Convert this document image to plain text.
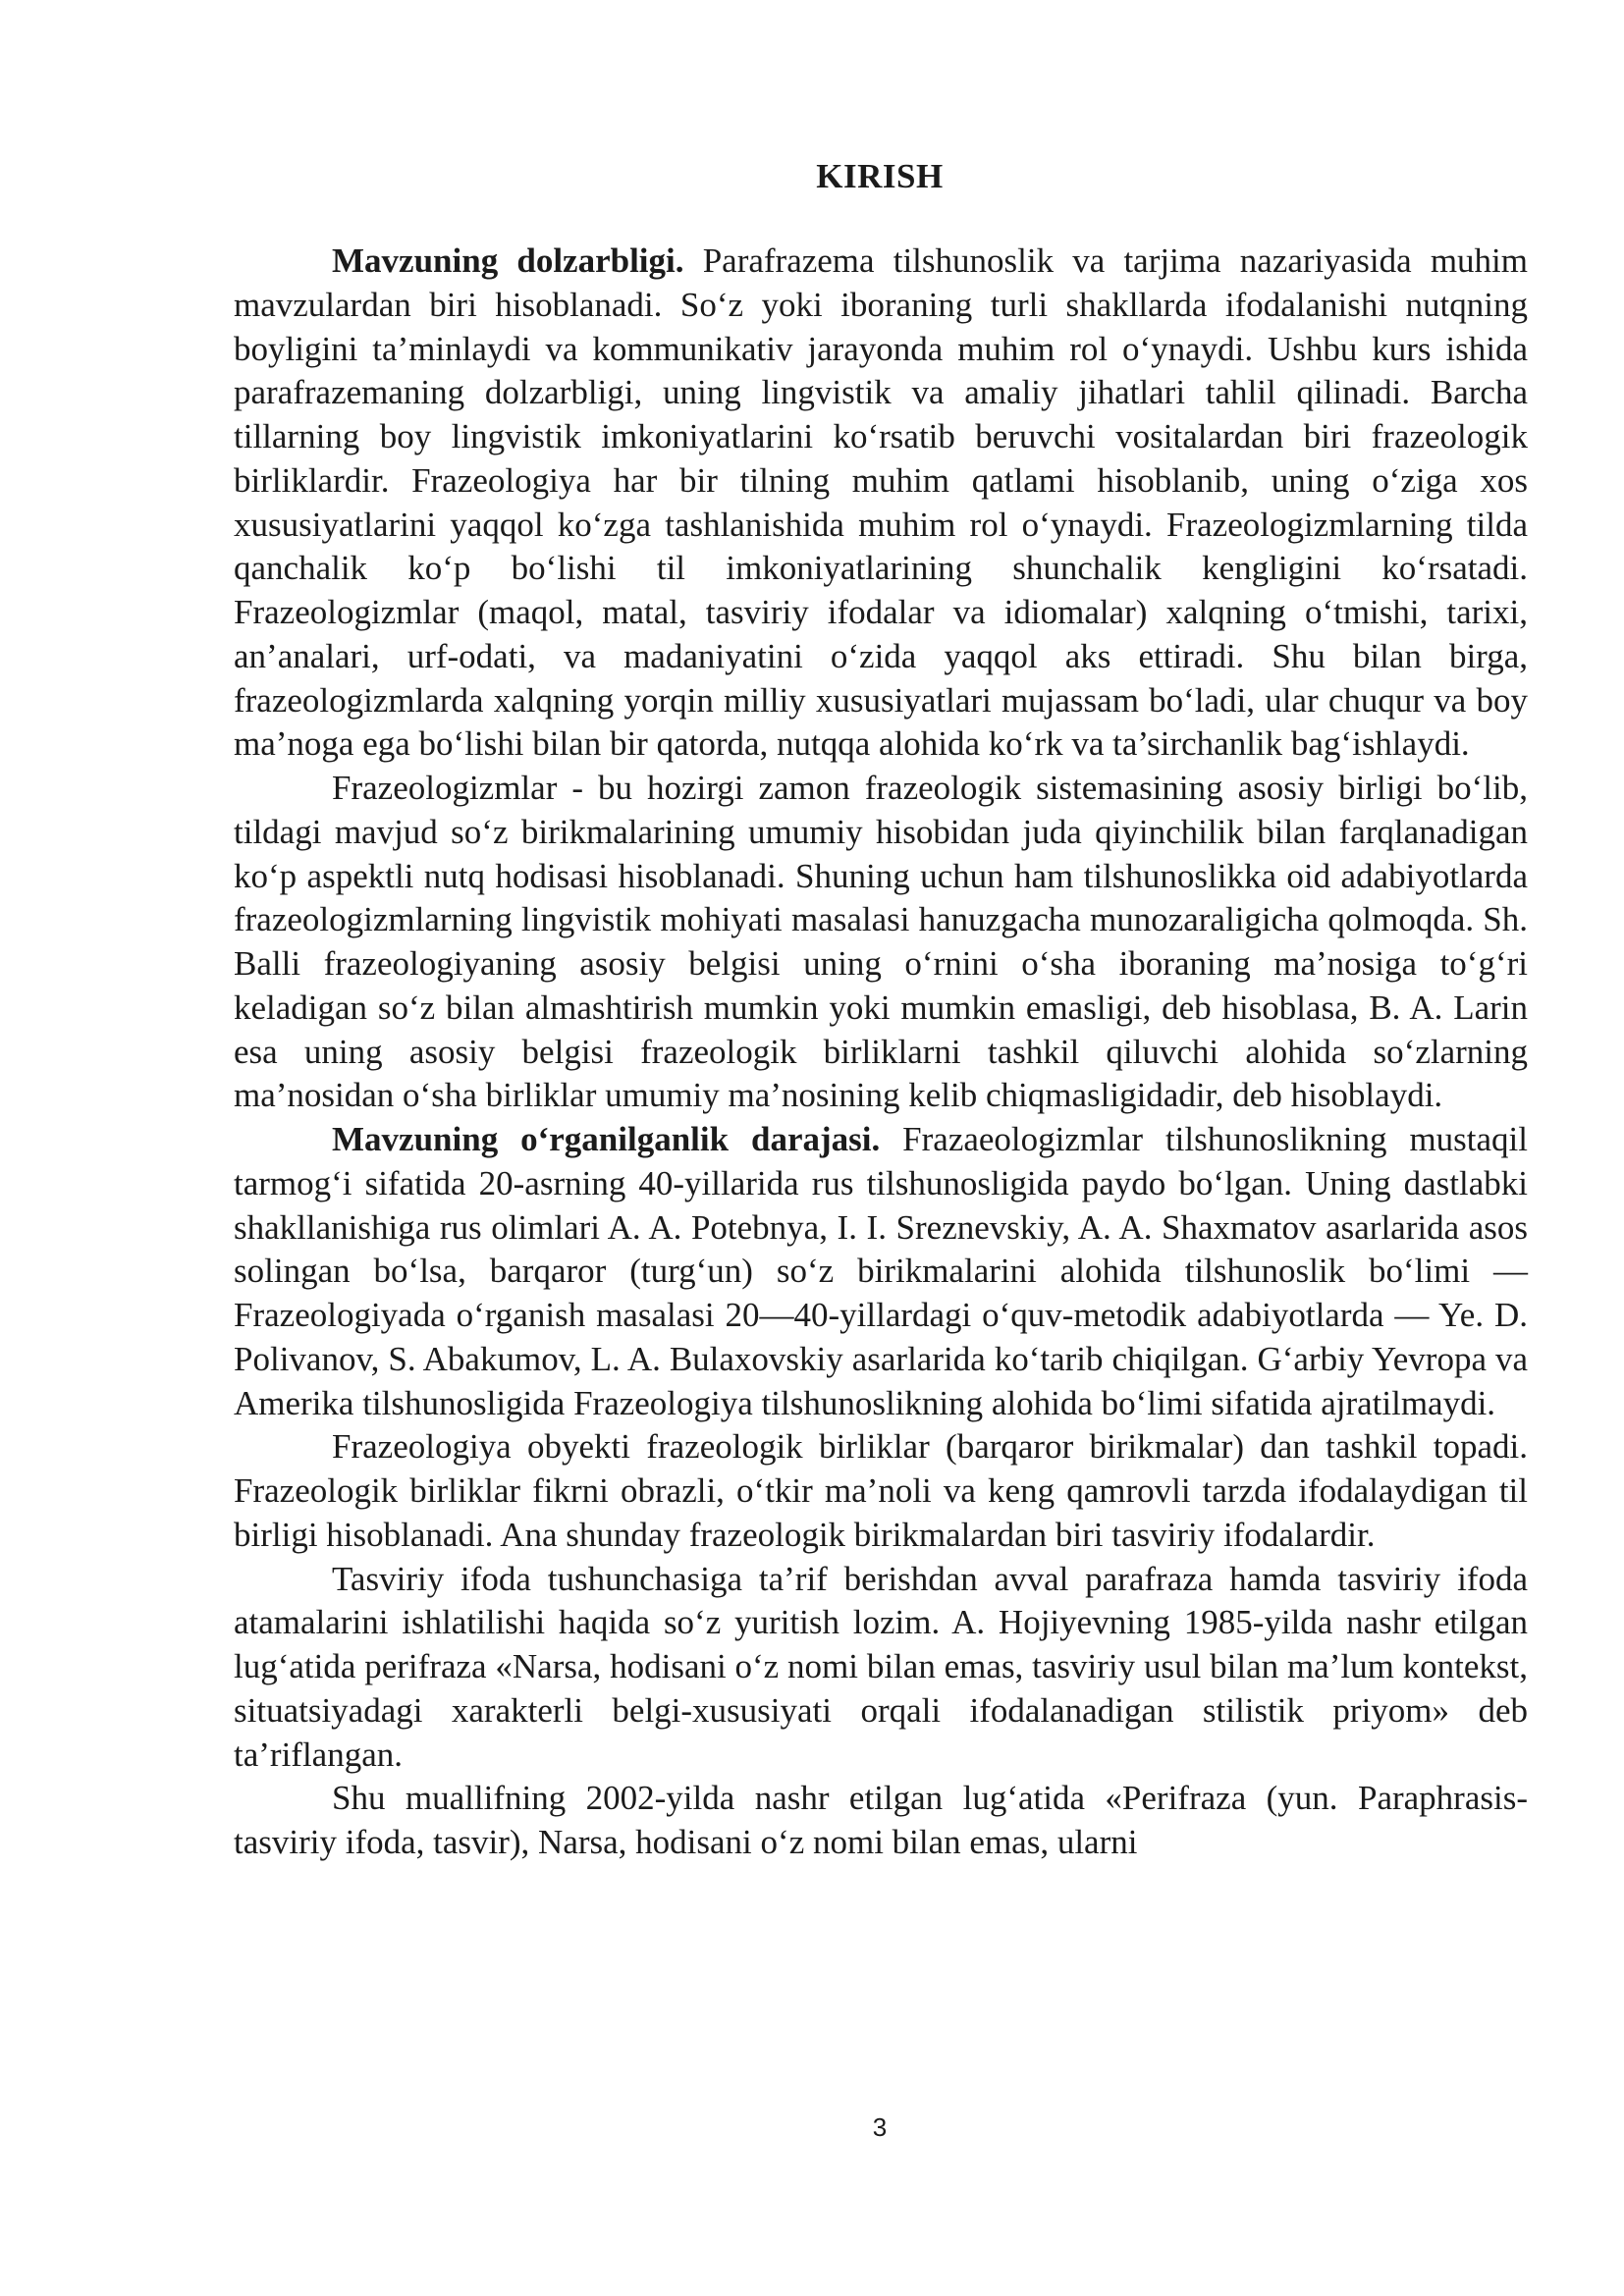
KIRISH

Mavzuning dolzarbligi. Parafrazema tilshunoslik va tarjima nazariyasida muhim mavzulardan biri hisoblanadi. So‘z yoki iboraning turli shakllarda ifodalanishi nutqning boyligini ta’minlaydi va kommunikativ jarayonda muhim rol o‘ynaydi. Ushbu kurs ishida parafrazemaning dolzarbligi, uning lingvistik va amaliy jihatlari tahlil qilinadi. Barcha tillarning boy lingvistik imkoniyatlarini ko‘rsatib beruvchi vositalardan biri frazeologik birliklardir. Frazeologiya har bir tilning muhim qatlami hisoblanib, uning o‘ziga xos xususiyatlarini yaqqol ko‘zga tashlanishida muhim rol o‘ynaydi. Frazeologizmlarning tilda qanchalik ko‘p bo‘lishi til imkoniyatlarining shunchalik kengligini ko‘rsatadi. Frazeologizmlar (maqol, matal, tasviriy ifodalar va idiomalar) xalqning o‘tmishi, tarixi, an’analari, urf-odati, va madaniyatini o‘zida yaqqol aks ettiradi. Shu bilan birga, frazeologizmlarda xalqning yorqin milliy xususiyatlari mujassam bo‘ladi, ular chuqur va boy ma’noga ega bo‘lishi bilan bir qatorda, nutqqa alohida ko‘rk va ta’sirchanlik bag‘ishlaydi.

Frazeologizmlar - bu hozirgi zamon frazeologik sistemasining asosiy birligi bo‘lib, tildagi mavjud so‘z birikmalarining umumiy hisobidan juda qiyinchilik bilan farqlanadigan ko‘p aspektli nutq hodisasi hisoblanadi. Shuning uchun ham tilshunoslikka oid adabiyotlarda frazeologizmlarning lingvistik mohiyati masalasi hanuzgacha munozaraligicha qolmoqda. Sh. Balli frazeologiyaning asosiy belgisi uning o‘rnini o‘sha iboraning ma’nosiga to‘g‘ri keladigan so‘z bilan almashtirish mumkin yoki mumkin emasligi, deb hisoblasa, B. A. Larin esa uning asosiy belgisi frazeologik birliklarni tashkil qiluvchi alohida so‘zlarning ma’nosidan o‘sha birliklar umumiy ma’nosining kelib chiqmasligidadir, deb hisoblaydi.

Mavzuning o‘rganilganlik darajasi. Frazaeologizmlar tilshunoslikning mustaqil tarmog‘i sifatida 20-asrning 40-yillarida rus tilshunosligida paydo bo‘lgan. Uning dastlabki shakllanishiga rus olimlari A. A. Potebnya, I. I. Sreznevskiy, A. A. Shaxmatov asarlarida asos solingan bo‘lsa, barqaror (turg‘un) so‘z birikmalarini alohida tilshunoslik bo‘limi — Frazeologiyada o‘rganish masalasi 20—40-yillardagi o‘quv-metodik adabiyotlarda — Ye. D. Polivanov, S. Abakumov, L. A. Bulaxovskiy asarlarida ko‘tarib chiqilgan. G‘arbiy Yevropa va Amerika tilshunosligida Frazeologiya tilshunoslikning alohida bo‘limi sifatida ajratilmaydi.

Frazeologiya obyekti frazeologik birliklar (barqaror birikmalar) dan tashkil topadi. Frazeologik birliklar fikrni obrazli, o‘tkir ma’noli va keng qamrovli tarzda ifodalaydigan til birligi hisoblanadi. Ana shunday frazeologik birikmalardan biri tasviriy ifodalardir.

Tasviriy ifoda tushunchasiga ta’rif berishdan avval parafraza hamda tasviriy ifoda atamalarini ishlatilishi haqida so‘z yuritish lozim. A. Hojiyevning 1985-yilda nashr etilgan lug‘atida perifraza «Narsa, hodisani o‘z nomi bilan emas, tasviriy usul bilan ma’lum kontekst, situatsiyadagi xarakterli belgi-xususiyati orqali ifodalanadigan stilistik priyom» deb ta’riflangan.

Shu muallifning 2002-yilda nashr etilgan lug‘atida «Perifraza (yun. Paraphrasis- tasviriy ifoda, tasvir), Narsa, hodisani o‘z nomi bilan emas, ularni

3
